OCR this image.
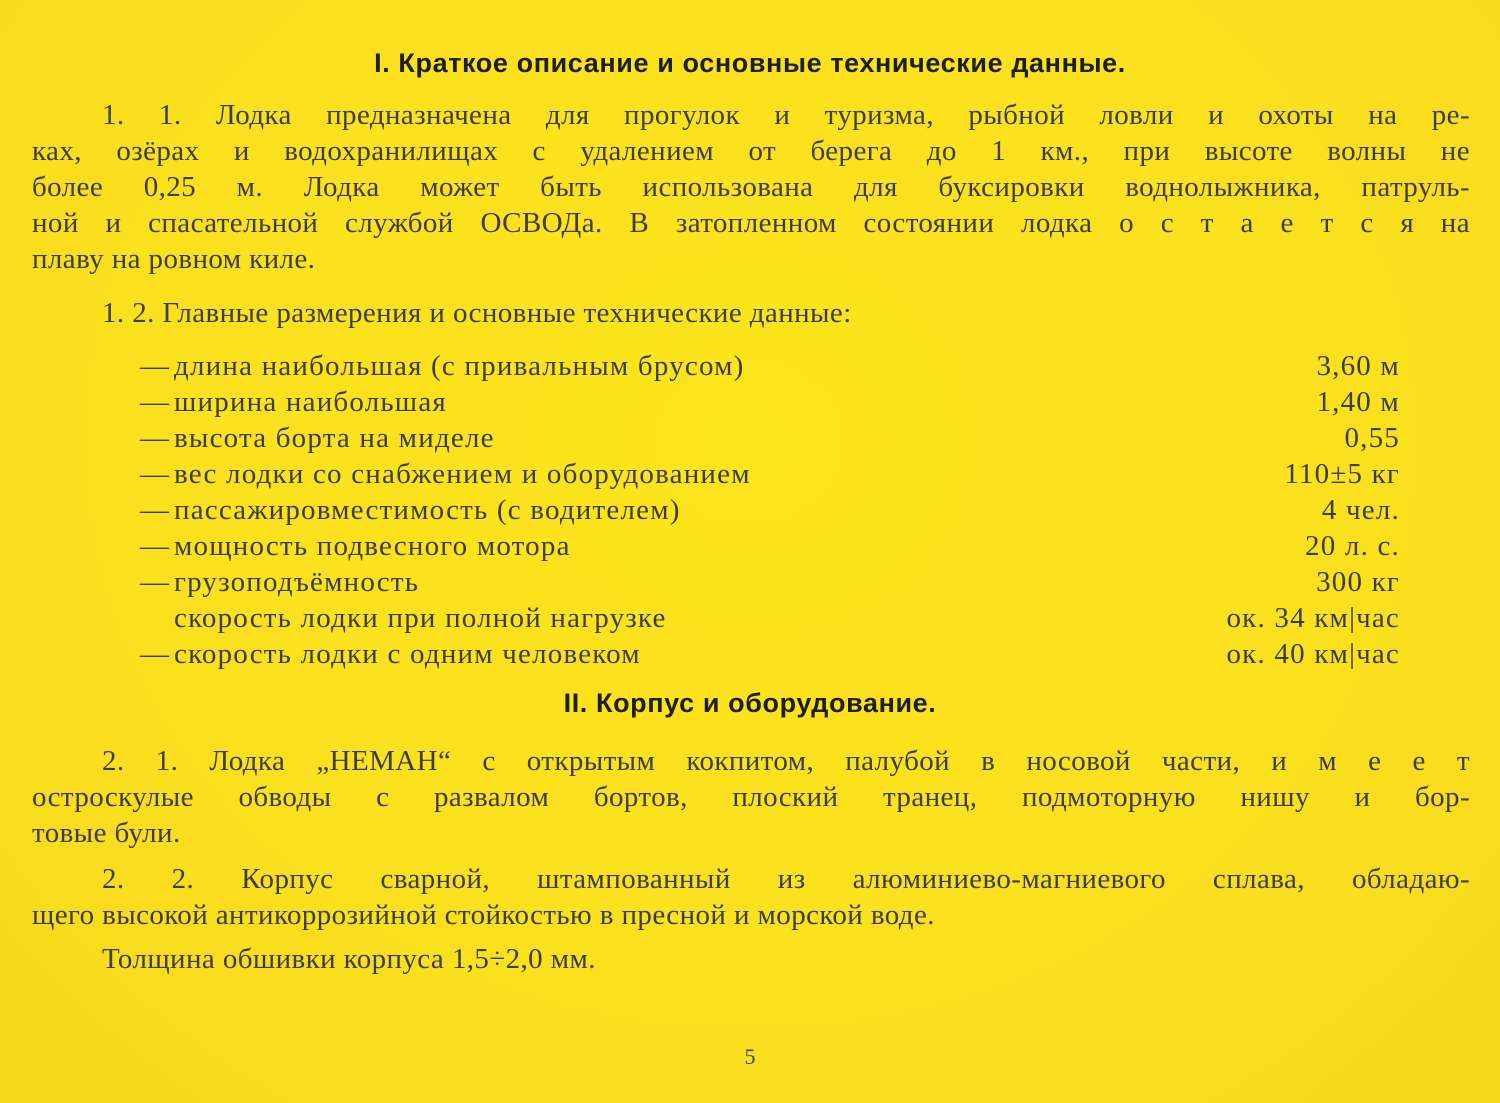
I. Краткое описание и основные технические данные.
1. 1. Лодка предназначена для прогулок и туризма, рыбной ловли и охоты на ре-
ках, озёрах и водохранилищах с удалением от берега до 1 км., при высоте волны не
более 0,25 м. Лодка может быть использована для буксировки воднолыжника, патруль-
ной и спасательной службой ОСВОДа. В затопленном состоянии лодка о с т а е т с я на
плаву на ровном киле.
1. 2. Главные размерения и основные технические данные:
— длина наибольшая (с привальным брусом)	3,60 м
— ширина наибольшая	1,40 м
— высота борта на миделе	0,55
— вес лодки со снабжением и оборудованием	110±5 кг
— пассажировместимость (с водителем)	4 чел.
— мощность подвесного мотора	20 л. с.
— грузоподъёмность	300 кг
скорость лодки при полной нагрузке	ок. 34 км|час
— скорость лодки с одним человеком	ок. 40 км|час
II. Корпус и оборудование.
2. 1. Лодка „НЕМАН“ с открытым кокпитом, палубой в носовой части, и м е е т
остроскулые обводы с развалом бортов, плоский транец, подмоторную нишу и бор-
товые були.
2. 2. Корпус сварной, штампованный из алюминиево-магниевого сплава, обладаю-
щего высокой антикоррозийной стойкостью в пресной и морской воде.
Толщина обшивки корпуса 1,5÷2,0 мм.
5
